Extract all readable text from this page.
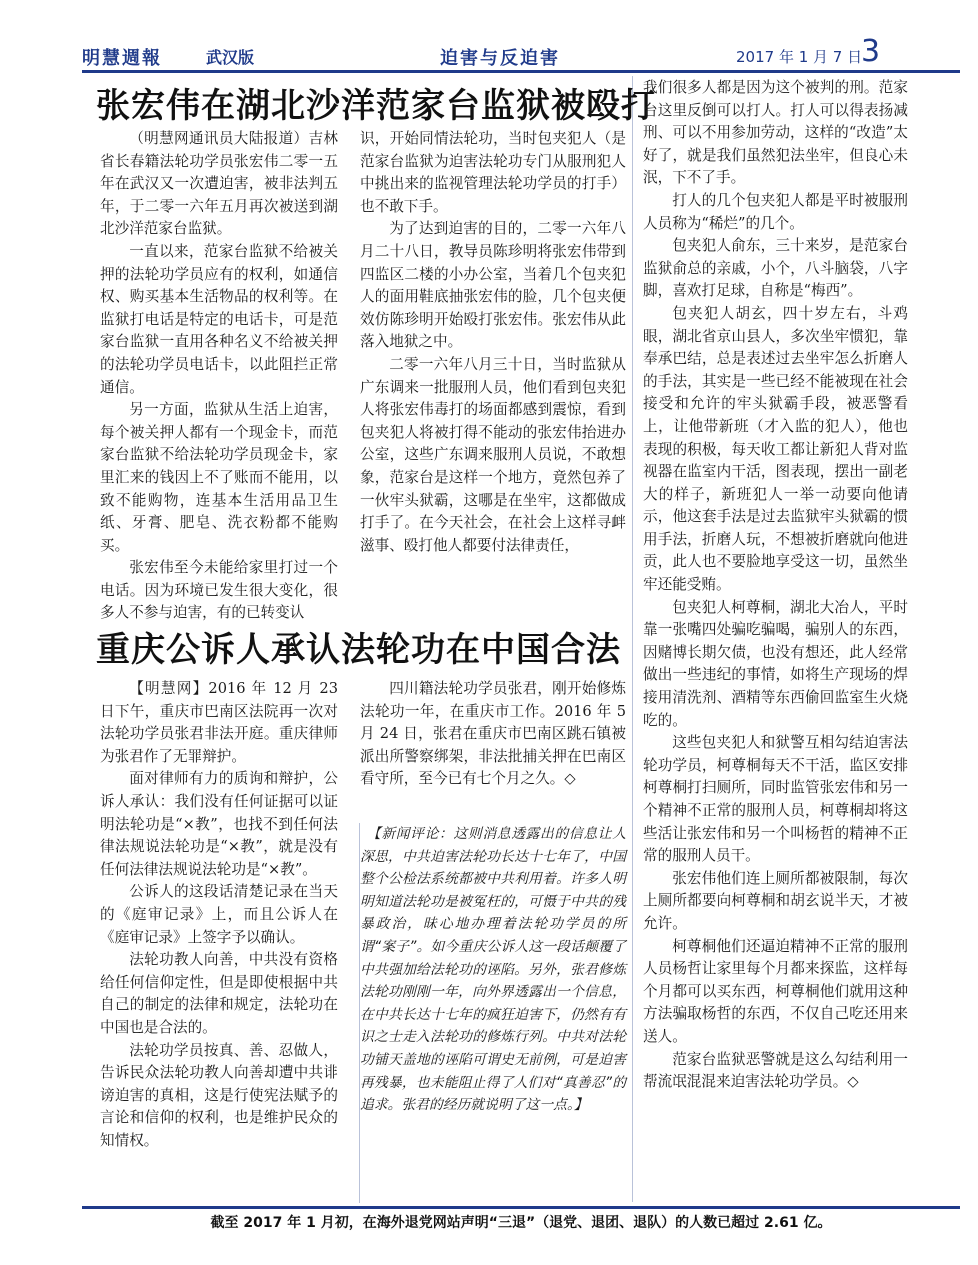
明慧週報	武汉版	迫害与反迫害	2017 年 1 月 7 日
3
张宏伟在湖北沙洋范家台监狱被殴打

（明慧网通讯员大陆报道）吉林省长春籍法轮功学员张宏伟二零一五年在武汉又一次遭迫害，被非法判五年，于二零一六年五月再次被送到湖北沙洋范家台监狱。

一直以来，范家台监狱不给被关押的法轮功学员应有的权利，如通信权、购买基本生活物品的权利等。在监狱打电话是特定的电话卡，可是范家台监狱一直用各种名义不给被关押的法轮功学员电话卡，以此阻拦正常通信。

另一方面，监狱从生活上迫害，每个被关押人都有一个现金卡，而范家台监狱不给法轮功学员现金卡，家里汇来的钱因上不了账而不能用，以致不能购物，连基本生活用品卫生纸、牙膏、肥皂、洗衣粉都不能购买。

张宏伟至今未能给家里打过一个电话。因为环境已发生很大变化，很多人不参与迫害，有的已转变认

识，开始同情法轮功，当时包夹犯人（是范家台监狱为迫害法轮功专门从服刑犯人中挑出来的监视管理法轮功学员的打手）也不敢下手。

为了达到迫害的目的，二零一六年八月二十八日，教导员陈珍明将张宏伟带到四监区二楼的小办公室，当着几个包夹犯人的面用鞋底抽张宏伟的脸，几个包夹便效仿陈珍明开始殴打张宏伟。张宏伟从此落入地狱之中。

二零一六年八月三十日，当时监狱从广东调来一批服刑人员，他们看到包夹犯人将张宏伟毒打的场面都感到震惊，看到包夹犯人将被打得不能动的张宏伟抬进办公室，这些广东调来服刑人员说，不敢想象，范家台是这样一个地方，竟然包养了一伙牢头狱霸，这哪是在坐牢，这都做成打手了。在今天社会，在社会上这样寻衅滋事、殴打他人都要付法律责任，

我们很多人都是因为这个被判的刑。范家台这里反倒可以打人。打人可以得表扬减刑、可以不用参加劳动，这样的“改造”太好了，就是我们虽然犯法坐牢，但良心未泯，下不了手。

打人的几个包夹犯人都是平时被服刑人员称为“稀烂”的几个。

包夹犯人俞东，三十来岁，是范家台监狱俞总的亲戚，小个，八斗脑袋，八字脚，喜欢打足球，自称是“梅西”。

包夹犯人胡玄，四十岁左右，斗鸡眼，湖北省京山县人，多次坐牢惯犯，靠奉承巴结，总是表述过去坐牢怎么折磨人的手法，其实是一些已经不能被现在社会接受和允许的牢头狱霸手段，被恶警看上，让他带新班（才入监的犯人），他也表现的积极，每天收工都让新犯人背对监视器在监室内干活，图表现，摆出一副老大的样子，新班犯人一举一动要向他请示，他这套手法是过去监狱牢头狱霸的惯用手法，折磨人玩，不想被折磨就向他进贡，此人也不要脸地享受这一切，虽然坐牢还能受贿。

包夹犯人柯尊桐，湖北大冶人，平时靠一张嘴四处骗吃骗喝，骗别人的东西，因赌博长期欠债，也没有想还，此人经常做出一些违纪的事情，如将生产现场的焊接用清洗剂、酒精等东西偷回监室生火烧吃的。

这些包夹犯人和狱警互相勾结迫害法轮功学员，柯尊桐每天不干活，监区安排柯尊桐打扫厕所，同时监管张宏伟和另一个精神不正常的服刑人员，柯尊桐却将这些活让张宏伟和另一个叫杨哲的精神不正常的服刑人员干。

张宏伟他们连上厕所都被限制，每次上厕所都要向柯尊桐和胡玄说半天，才被允许。

柯尊桐他们还逼迫精神不正常的服刑人员杨哲让家里每个月都来探监，这样每个月都可以买东西，柯尊桐他们就用这种方法骗取杨哲的东西，不仅自己吃还用来送人。

范家台监狱恶警就是这么勾结利用一帮流氓混混来迫害法轮功学员。◇

重庆公诉人承认法轮功在中国合法

【明慧网】2016 年 12 月 23 日下午，重庆市巴南区法院再一次对法轮功学员张君非法开庭。重庆律师为张君作了无罪辩护。

面对律师有力的质询和辩护，公诉人承认：我们没有任何证据可以证明法轮功是“×教”，也找不到任何法律法规说法轮功是“×教”，就是没有任何法律法规说法轮功是“×教”。

公诉人的这段话清楚记录在当天的《庭审记录》上，而且公诉人在《庭审记录》上签字予以确认。

法轮功教人向善，中共没有资格给任何信仰定性，但是即使根据中共自己的制定的法律和规定，法轮功在中国也是合法的。

法轮功学员按真、善、忍做人，告诉民众法轮功教人向善却遭中共诽谤迫害的真相，这是行使宪法赋予的言论和信仰的权利，也是维护民众的知情权。

四川籍法轮功学员张君，刚开始修炼法轮功一年，在重庆市工作。2016 年 5 月 24 日，张君在重庆市巴南区跳石镇被派出所警察绑架，非法批捕关押在巴南区看守所，至今已有七个月之久。◇

【新闻评论：这则消息透露出的信息让人深思，中共迫害法轮功长达十七年了，中国整个公检法系统都被中共利用着。许多人明明知道法轮功是被冤枉的，可慑于中共的残暴政治，昧心地办理着法轮功学员的所谓“案子”。如今重庆公诉人这一段话颠覆了中共强加给法轮功的诬陷。另外，张君修炼法轮功刚刚一年，向外界透露出一个信息，在中共长达十七年的疯狂迫害下，仍然有有识之士走入法轮功的修炼行列。中共对法轮功铺天盖地的诬陷可谓史无前例，可是迫害再残暴，也未能阻止得了人们对“真善忍”的追求。张君的经历就说明了这一点。】

截至 2017 年 1 月初，在海外退党网站声明“三退”（退党、退团、退队）的人数已超过 2.61 亿。
